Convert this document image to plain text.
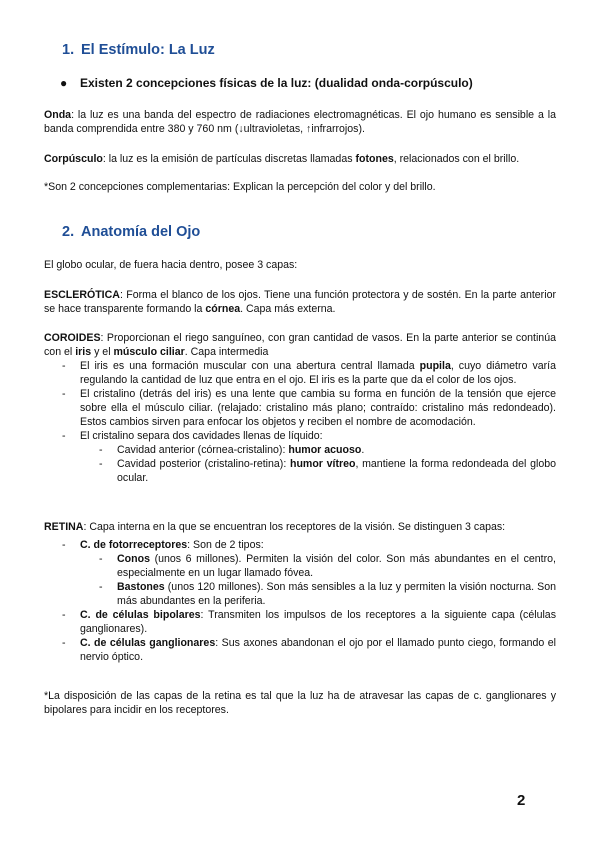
1. El Estímulo: La Luz
● Existen 2 concepciones físicas de la luz: (dualidad onda-corpúsculo)
Onda: la luz es una banda del espectro de radiaciones electromagnéticas. El ojo humano es sensible a la banda comprendida entre 380 y 760 nm (↓ultravioletas, ↑infrarrojos).
Corpúsculo: la luz es la emisión de partículas discretas llamadas fotones, relacionados con el brillo.
*Son 2 concepciones complementarias: Explican la percepción del color y del brillo.
2. Anatomía del Ojo
El globo ocular, de fuera hacia dentro, posee 3 capas:
ESCLERÓTICA: Forma el blanco de los ojos. Tiene una función protectora y de sostén. En la parte anterior se hace transparente formando la córnea. Capa más externa.
COROIDES: Proporcionan el riego sanguíneo, con gran cantidad de vasos. En la parte anterior se continúa con el iris y el músculo ciliar. Capa intermedia
- El iris es una formación muscular con una abertura central llamada pupila, cuyo diámetro varía regulando la cantidad de luz que entra en el ojo. El iris es la parte que da el color de los ojos.
- El cristalino (detrás del iris) es una lente que cambia su forma en función de la tensión que ejerce sobre ella el músculo ciliar. (relajado: cristalino más plano; contraído: cristalino más redondeado). Estos cambios sirven para enfocar los objetos y reciben el nombre de acomodación.
- El cristalino separa dos cavidades llenas de líquido:
- Cavidad anterior (córnea-cristalino): humor acuoso.
- Cavidad posterior (cristalino-retina): humor vítreo, mantiene la forma redondeada del globo ocular.
RETINA: Capa interna en la que se encuentran los receptores de la visión. Se distinguen 3 capas:
- C. de fotorreceptores: Son de 2 tipos:
- Conos (unos 6 millones). Permiten la visión del color. Son más abundantes en el centro, especialmente en un lugar llamado fóvea.
- Bastones (unos 120 millones). Son más sensibles a la luz y permiten la visión nocturna. Son más abundantes en la periferia.
- C. de células bipolares: Transmiten los impulsos de los receptores a la siguiente capa (células ganglionares).
- C. de células ganglionares: Sus axones abandonan el ojo por el llamado punto ciego, formando el nervio óptico.
*La disposición de las capas de la retina es tal que la luz ha de atravesar las capas de c. ganglionares y bipolares para incidir en los receptores.
2
